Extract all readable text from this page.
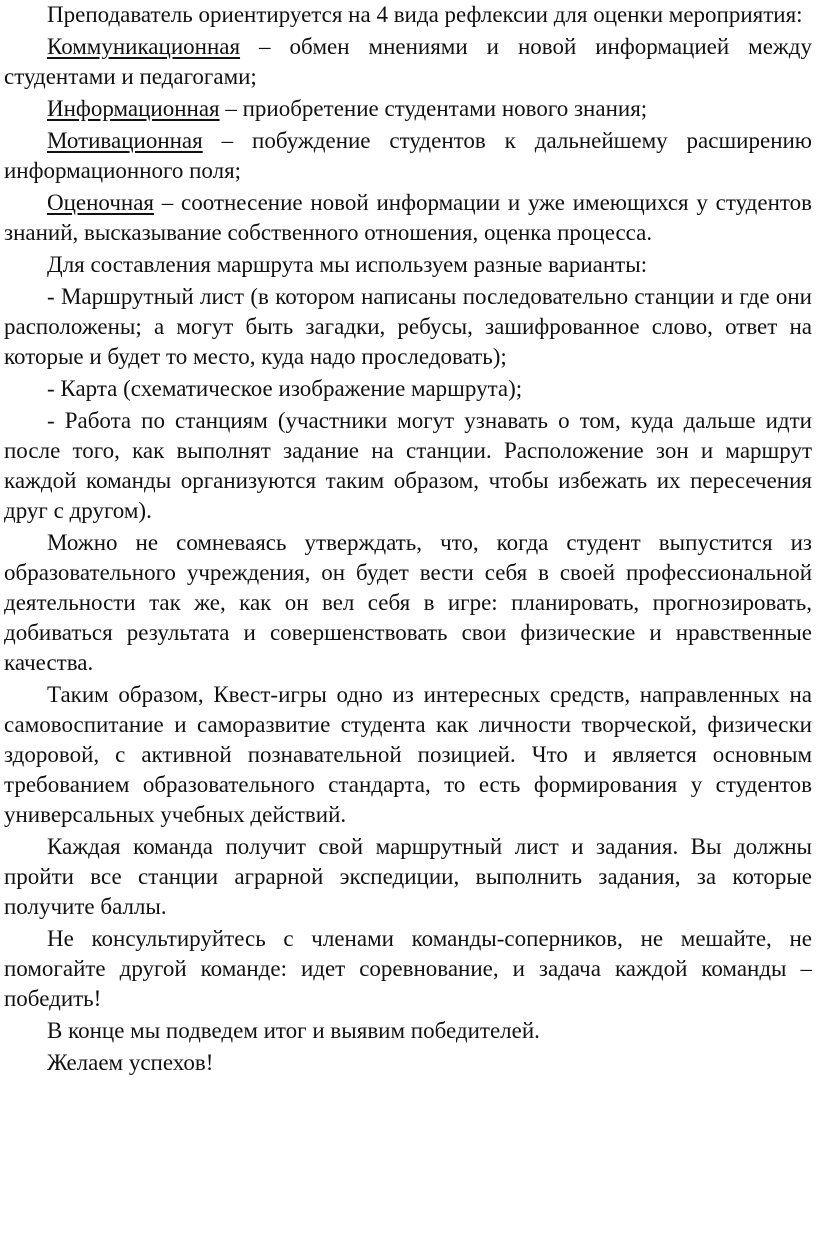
Преподаватель ориентируется на 4 вида рефлексии для оценки мероприятия:

Коммуникационная – обмен мнениями и новой информацией между студентами и педагогами;

Информационная – приобретение студентами нового знания;

Мотивационная – побуждение студентов к дальнейшему расширению информационного поля;

Оценочная – соотнесение новой информации и уже имеющихся у студентов знаний, высказывание собственного отношения, оценка процесса.

Для составления маршрута мы используем разные варианты:

- Маршрутный лист (в котором написаны последовательно станции и где они расположены; а могут быть загадки, ребусы, зашифрованное слово, ответ на которые и будет то место, куда надо проследовать);

- Карта (схематическое изображение маршрута);

- Работа по станциям (участники могут узнавать о том, куда дальше идти после того, как выполнят задание на станции. Расположение зон и маршрут каждой команды организуются таким образом, чтобы избежать их пересечения друг с другом).

Можно не сомневаясь утверждать, что, когда студент выпустится из образовательного учреждения, он будет вести себя в своей профессиональной деятельности так же, как он вел себя в игре: планировать, прогнозировать, добиваться результата и совершенствовать свои физические и нравственные качества.

Таким образом, Квест-игры одно из интересных средств, направленных на самовоспитание и саморазвитие студента как личности творческой, физически здоровой, с активной познавательной позицией. Что и является основным требованием образовательного стандарта, то есть формирования у студентов универсальных учебных действий.

Каждая команда получит свой маршрутный лист и задания. Вы должны пройти все станции аграрной экспедиции, выполнить задания, за которые получите баллы.

Не консультируйтесь с членами команды-соперников, не мешайте, не помогайте другой команде: идет соревнование, и задача каждой команды – победить!

В конце мы подведем итог и выявим победителей.

Желаем успехов!
